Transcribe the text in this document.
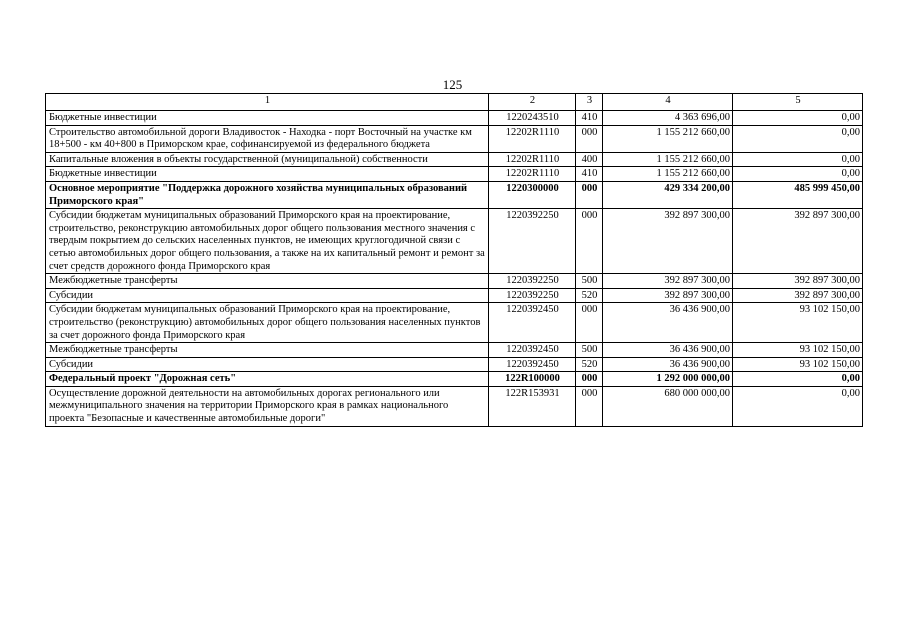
125
1	2	3	4	5
Бюджетные инвестиции	1220243510	410	4 363 696,00	0,00
Строительство автомобильной дороги Владивосток - Находка - порт Восточный на участке км 18+500 - км 40+800 в Приморском крае, софинансируемой из федерального бюджета	12202R1110	000	1 155 212 660,00	0,00
Капитальные вложения в объекты государственной (муниципальной) собственности	12202R1110	400	1 155 212 660,00	0,00
Бюджетные инвестиции	12202R1110	410	1 155 212 660,00	0,00
Основное мероприятие "Поддержка дорожного хозяйства муниципальных образований Приморского края"	1220300000	000	429 334 200,00	485 999 450,00
Субсидии бюджетам муниципальных образований Приморского края на проектирование, строительство, реконструкцию автомобильных дорог общего пользования местного значения с твердым покрытием до сельских населенных пунктов, не имеющих круглогодичной связи с сетью автомобильных дорог общего пользования, а также на их капитальный ремонт и ремонт за счет средств дорожного фонда Приморского края	1220392250	000	392 897 300,00	392 897 300,00
Межбюджетные трансферты	1220392250	500	392 897 300,00	392 897 300,00
Субсидии	1220392250	520	392 897 300,00	392 897 300,00
Субсидии бюджетам муниципальных образований Приморского края на проектирование, строительство (реконструкцию) автомобильных дорог общего пользования населенных пунктов за счет дорожного фонда Приморского края	1220392450	000	36 436 900,00	93 102 150,00
Межбюджетные трансферты	1220392450	500	36 436 900,00	93 102 150,00
Субсидии	1220392450	520	36 436 900,00	93 102 150,00
Федеральный проект "Дорожная сеть"	122R100000	000	1 292 000 000,00	0,00
Осуществление дорожной деятельности на автомобильных дорогах регионального или межмуниципального значения на территории Приморского края в рамках национального проекта "Безопасные и качественные автомобильные дороги"	122R153931	000	680 000 000,00	0,00
